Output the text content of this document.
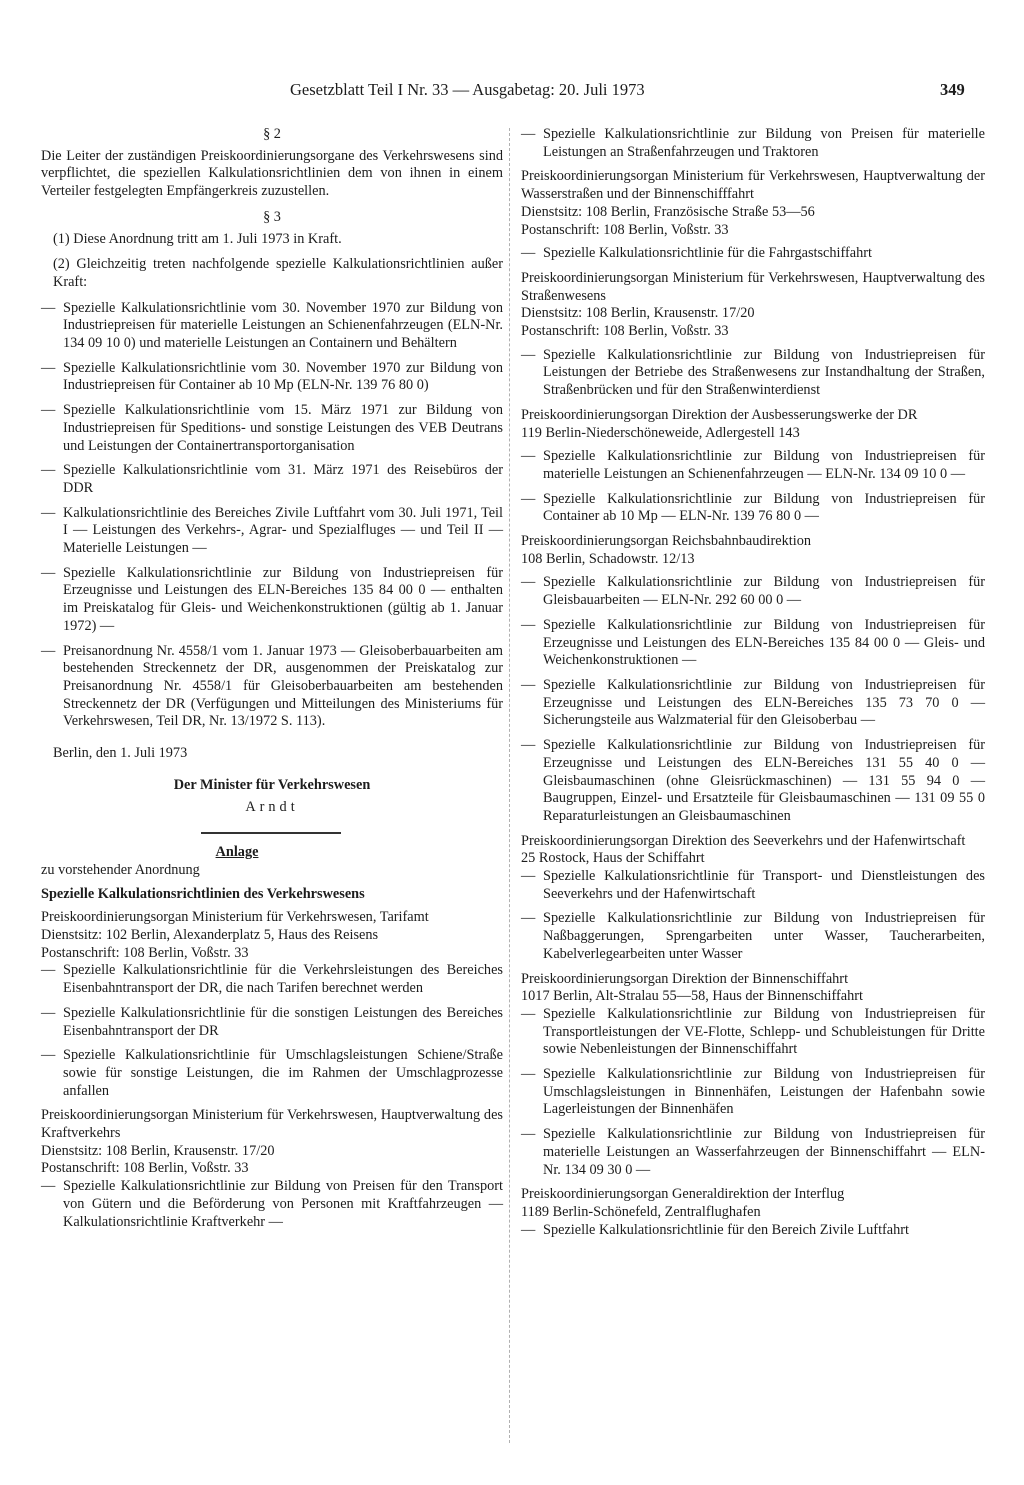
Gesetzblatt Teil I Nr. 33 — Ausgabetag: 20. Juli 1973	349
§ 2
Die Leiter der zuständigen Preiskoordinierungsorgane des Verkehrswesens sind verpflichtet, die speziellen Kalkulationsrichtlinien dem von ihnen in einem Verteiler festgelegten Empfängerkreis zuzustellen.
§ 3
(1) Diese Anordnung tritt am 1. Juli 1973 in Kraft.
(2) Gleichzeitig treten nachfolgende spezielle Kalkulationsrichtlinien außer Kraft:
— Spezielle Kalkulationsrichtlinie vom 30. November 1970 zur Bildung von Industriepreisen für materielle Leistungen an Schienenfahrzeugen (ELN-Nr. 134 09 10 0) und materielle Leistungen an Containern und Behältern
— Spezielle Kalkulationsrichtlinie vom 30. November 1970 zur Bildung von Industriepreisen für Container ab 10 Mp (ELN-Nr. 139 76 80 0)
— Spezielle Kalkulationsrichtlinie vom 15. März 1971 zur Bildung von Industriepreisen für Speditions- und sonstige Leistungen des VEB Deutrans und Leistungen der Containertransportorganisation
— Spezielle Kalkulationsrichtlinie vom 31. März 1971 des Reisebüros der DDR
— Kalkulationsrichtlinie des Bereiches Zivile Luftfahrt vom 30. Juli 1971, Teil I — Leistungen des Verkehrs-, Agrar- und Spezialfluges — und Teil II — Materielle Leistungen —
— Spezielle Kalkulationsrichtlinie zur Bildung von Industriepreisen für Erzeugnisse und Leistungen des ELN-Bereiches 135 84 00 0 — enthalten im Preiskatalog für Gleis- und Weichenkonstruktionen (gültig ab 1. Januar 1972) —
— Preisanordnung Nr. 4558/1 vom 1. Januar 1973 — Gleisoberbauarbeiten am bestehenden Streckennetz der DR, ausgenommen der Preiskatalog zur Preisanordnung Nr. 4558/1 für Gleisoberbauarbeiten am bestehenden Streckennetz der DR (Verfügungen und Mitteilungen des Ministeriums für Verkehrswesen, Teil DR, Nr. 13/1972 S. 113).
Berlin, den 1. Juli 1973
Der Minister für Verkehrswesen
Arndt
Anlage
zu vorstehender Anordnung
Spezielle Kalkulationsrichtlinien des Verkehrswesens
Preiskoordinierungsorgan Ministerium für Verkehrswesen, Tarifamt
Dienstsitz: 102 Berlin, Alexanderplatz 5, Haus des Reisens
Postanschrift: 108 Berlin, Voßstr. 33
— Spezielle Kalkulationsrichtlinie für die Verkehrsleistungen des Bereiches Eisenbahntransport der DR, die nach Tarifen berechnet werden
— Spezielle Kalkulationsrichtlinie für die sonstigen Leistungen des Bereiches Eisenbahntransport der DR
— Spezielle Kalkulationsrichtlinie für Umschlagsleistungen Schiene/Straße sowie für sonstige Leistungen, die im Rahmen der Umschlagprozesse anfallen
Preiskoordinierungsorgan Ministerium für Verkehrswesen, Hauptverwaltung des Kraftverkehrs
Dienstsitz: 108 Berlin, Krausenstr. 17/20
Postanschrift: 108 Berlin, Voßstr. 33
— Spezielle Kalkulationsrichtlinie zur Bildung von Preisen für den Transport von Gütern und die Beförderung von Personen mit Kraftfahrzeugen — Kalkulationsrichtlinie Kraftverkehr —
— Spezielle Kalkulationsrichtlinie zur Bildung von Preisen für materielle Leistungen an Straßenfahrzeugen und Traktoren
Preiskoordinierungsorgan Ministerium für Verkehrswesen, Hauptverwaltung der Wasserstraßen und der Binnenschifffahrt
Dienstsitz: 108 Berlin, Französische Straße 53—56
Postanschrift: 108 Berlin, Voßstr. 33
— Spezielle Kalkulationsrichtlinie für die Fahrgastschiffahrt
Preiskoordinierungsorgan Ministerium für Verkehrswesen, Hauptverwaltung des Straßenwesens
Dienstsitz: 108 Berlin, Krausenstr. 17/20
Postanschrift: 108 Berlin, Voßstr. 33
— Spezielle Kalkulationsrichtlinie zur Bildung von Industriepreisen für Leistungen der Betriebe des Straßenwesens zur Instandhaltung der Straßen, Straßenbrücken und für den Straßenwinterdienst
Preiskoordinierungsorgan Direktion der Ausbesserungswerke der DR
119 Berlin-Niederschöneweide, Adlergestell 143
— Spezielle Kalkulationsrichtlinie zur Bildung von Industriepreisen für materielle Leistungen an Schienenfahrzeugen — ELN-Nr. 134 09 10 0 —
— Spezielle Kalkulationsrichtlinie zur Bildung von Industriepreisen für Container ab 10 Mp — ELN-Nr. 139 76 80 0 —
Preiskoordinierungsorgan Reichsbahnbaudirektion
108 Berlin, Schadowstr. 12/13
— Spezielle Kalkulationsrichtlinie zur Bildung von Industriepreisen für Gleisbauarbeiten — ELN-Nr. 292 60 00 0 —
— Spezielle Kalkulationsrichtlinie zur Bildung von Industriepreisen für Erzeugnisse und Leistungen des ELN-Bereiches 135 84 00 0 — Gleis- und Weichenkonstruktionen —
— Spezielle Kalkulationsrichtlinie zur Bildung von Industriepreisen für Erzeugnisse und Leistungen des ELN-Bereiches 135 73 70 0 — Sicherungsteile aus Walzmaterial für den Gleisoberbau —
— Spezielle Kalkulationsrichtlinie zur Bildung von Industriepreisen für Erzeugnisse und Leistungen des ELN-Bereiches 131 55 40 0 — Gleisbaumaschinen (ohne Gleisrückmaschinen) — 131 55 94 0 — Baugruppen, Einzel- und Ersatzteile für Gleisbaumaschinen — 131 09 55 0 Reparaturleistungen an Gleisbaumaschinen
Preiskoordinierungsorgan Direktion des Seeverkehrs und der Hafenwirtschaft
25 Rostock, Haus der Schiffahrt
— Spezielle Kalkulationsrichtlinie für Transport- und Dienstleistungen des Seeverkehrs und der Hafenwirtschaft
— Spezielle Kalkulationsrichtlinie zur Bildung von Industriepreisen für Naßbaggerungen, Sprengarbeiten unter Wasser, Taucherarbeiten, Kabelverlegearbeiten unter Wasser
Preiskoordinierungsorgan Direktion der Binnenschiffahrt
1017 Berlin, Alt-Stralau 55—58, Haus der Binnenschiffahrt
— Spezielle Kalkulationsrichtlinie zur Bildung von Industriepreisen für Transportleistungen der VE-Flotte, Schlepp- und Schubleistungen für Dritte sowie Nebenleistungen der Binnenschiffahrt
— Spezielle Kalkulationsrichtlinie zur Bildung von Industriepreisen für Umschlagsleistungen in Binnenhäfen, Leistungen der Hafenbahn sowie Lagerleistungen der Binnenhäfen
— Spezielle Kalkulationsrichtlinie zur Bildung von Industriepreisen für materielle Leistungen an Wasserfahrzeugen der Binnenschiffahrt — ELN-Nr. 134 09 30 0 —
Preiskoordinierungsorgan Generaldirektion der Interflug
1189 Berlin-Schönefeld, Zentralflughafen
— Spezielle Kalkulationsrichtlinie für den Bereich Zivile Luftfahrt
